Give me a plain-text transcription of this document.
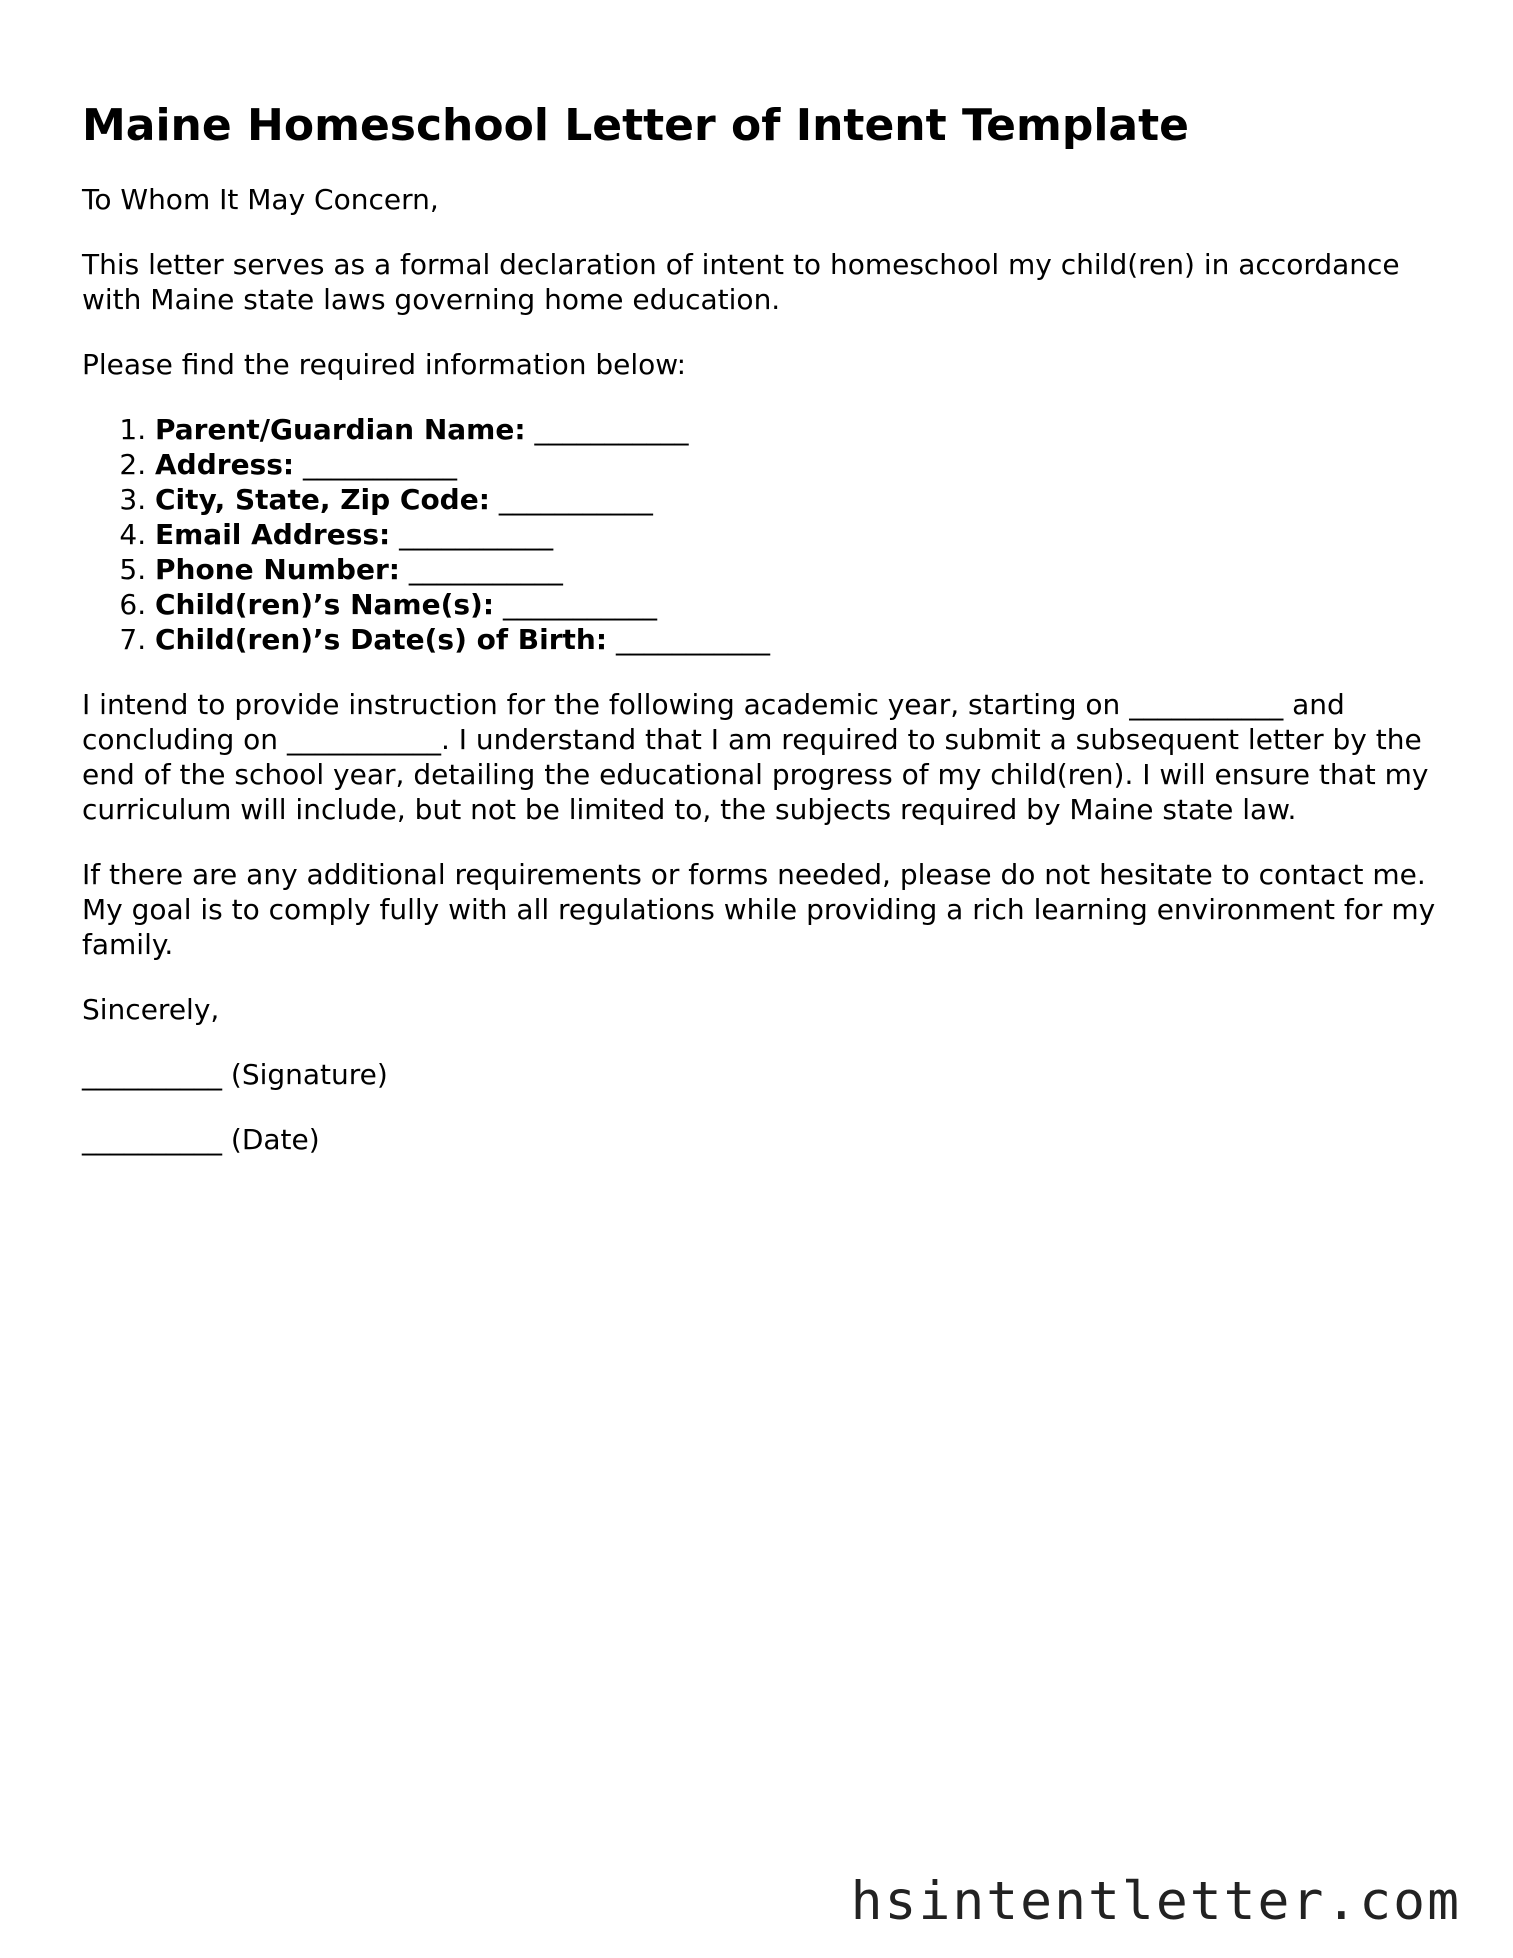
Maine Homeschool Letter of Intent Template

To Whom It May Concern,

This letter serves as a formal declaration of intent to homeschool my child(ren) in accordance with Maine state laws governing home education.

Please find the required information below:

1. Parent/Guardian Name: ___________
2. Address: ___________
3. City, State, Zip Code: ___________
4. Email Address: ___________
5. Phone Number: ___________
6. Child(ren)’s Name(s): ___________
7. Child(ren)’s Date(s) of Birth: ___________

I intend to provide instruction for the following academic year, starting on ___________ and concluding on ___________. I understand that I am required to submit a subsequent letter by the end of the school year, detailing the educational progress of my child(ren). I will ensure that my curriculum will include, but not be limited to, the subjects required by Maine state law.

If there are any additional requirements or forms needed, please do not hesitate to contact me. My goal is to comply fully with all regulations while providing a rich learning environment for my family.

Sincerely,

__________ (Signature)

__________ (Date)

hsintentletter.com
